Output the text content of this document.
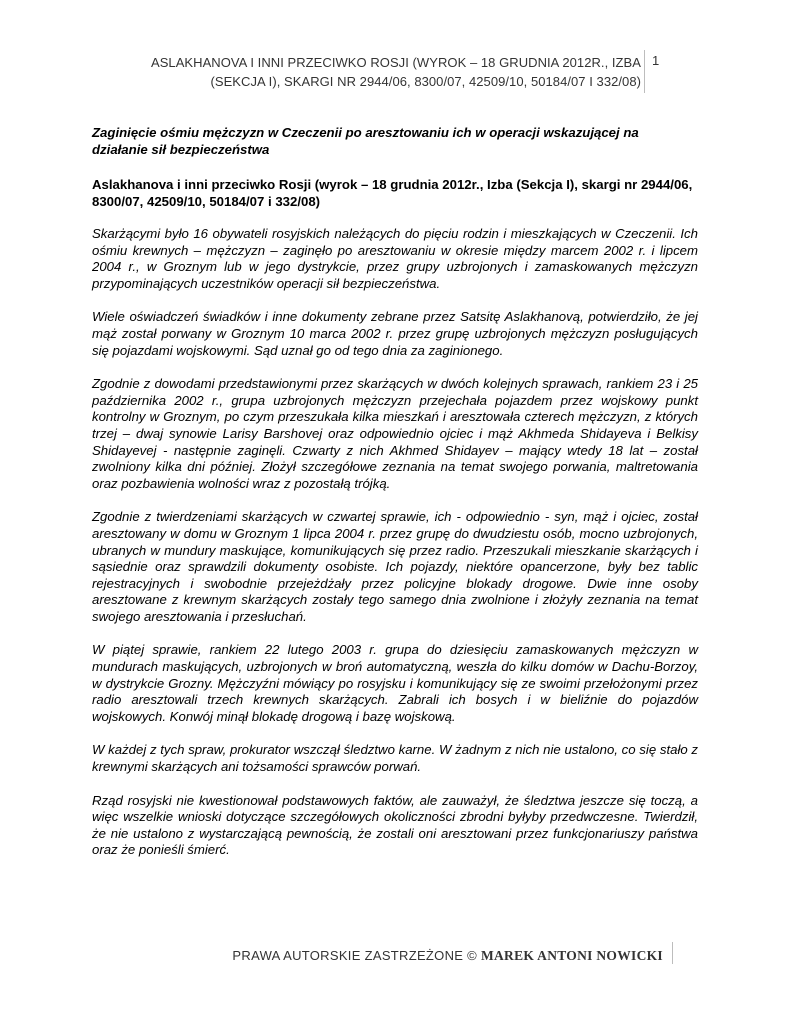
ASLAKHANOVA I INNI PRZECIWKO ROSJI (WYROK – 18 GRUDNIA 2012R., IZBA
(SEKCJA I), SKARGI NR 2944/06, 8300/07, 42509/10, 50184/07 I 332/08)
1

Zaginięcie ośmiu mężczyzn w Czeczenii po aresztowaniu ich w operacji wskazującej na działanie sił bezpieczeństwa

Aslakhanova i inni przeciwko Rosji (wyrok – 18 grudnia 2012r., Izba (Sekcja I), skargi nr 2944/06, 8300/07, 42509/10, 50184/07 i 332/08)

Skarżącymi było 16 obywateli rosyjskich należących do pięciu rodzin i mieszkających w Czeczenii. Ich ośmiu krewnych – mężczyzn – zaginęło po aresztowaniu w okresie między marcem 2002 r. i lipcem 2004 r., w Groznym lub w jego dystrykcie, przez grupy uzbrojonych i zamaskowanych mężczyzn przypominających uczestników operacji sił bezpieczeństwa.

Wiele oświadczeń świadków i inne dokumenty zebrane przez Satsitę Aslakhanovą, potwierdziło, że jej mąż został porwany w Groznym 10 marca 2002 r. przez grupę uzbrojonych mężczyzn posługujących się pojazdami wojskowymi. Sąd uznał go od tego dnia za zaginionego.

Zgodnie z dowodami przedstawionymi przez skarżących w dwóch kolejnych sprawach, rankiem 23 i 25 października 2002 r., grupa uzbrojonych mężczyzn przejechała pojazdem przez wojskowy punkt kontrolny w Groznym, po czym przeszukała kilka mieszkań i aresztowała czterech mężczyzn, z których trzej – dwaj synowie Larisy Barshovej oraz odpowiednio ojciec i mąż Akhmeda Shidayeva i Belkisy Shidayevej - następnie zaginęli. Czwarty z nich Akhmed Shidayev – mający wtedy 18 lat – został zwolniony kilka dni później. Złożył szczegółowe zeznania na temat swojego porwania, maltretowania oraz pozbawienia wolności wraz z pozostałą trójką.

Zgodnie z twierdzeniami skarżących w czwartej sprawie, ich - odpowiednio - syn, mąż i ojciec, został aresztowany w domu w Groznym 1 lipca 2004 r. przez grupę do dwudziestu osób, mocno uzbrojonych, ubranych w mundury maskujące, komunikujących się przez radio. Przeszukali mieszkanie skarżących i sąsiednie oraz sprawdzili dokumenty osobiste. Ich pojazdy, niektóre opancerzone, były bez tablic rejestracyjnych i swobodnie przejeżdżały przez policyjne blokady drogowe. Dwie inne osoby aresztowane z krewnym skarżących zostały tego samego dnia zwolnione i złożyły zeznania na temat swojego aresztowania i przesłuchań.

W piątej sprawie, rankiem 22 lutego 2003 r. grupa do dziesięciu zamaskowanych mężczyzn w mundurach maskujących, uzbrojonych w broń automatyczną, weszła do kilku domów w Dachu-Borzoy, w dystrykcie Grozny. Mężczyźni mówiący po rosyjsku i komunikujący się ze swoimi przełożonymi przez radio aresztowali trzech krewnych skarżących. Zabrali ich bosych i w bieliźnie do pojazdów wojskowych. Konwój minął blokadę drogową i bazę wojskową.

W każdej z tych spraw, prokurator wszczął śledztwo karne. W żadnym z nich nie ustalono, co się stało z krewnymi skarżących ani tożsamości sprawców porwań.

Rząd rosyjski nie kwestionował podstawowych faktów, ale zauważył, że śledztwa jeszcze się toczą, a więc wszelkie wnioski dotyczące szczegółowych okoliczności zbrodni byłyby przedwczesne. Twierdził, że nie ustalono z wystarczającą pewnością, że zostali oni aresztowani przez funkcjonariuszy państwa oraz że ponieśli śmierć.

PRAWA AUTORSKIE ZASTRZEŻONE © MAREK ANTONI NOWICKI
